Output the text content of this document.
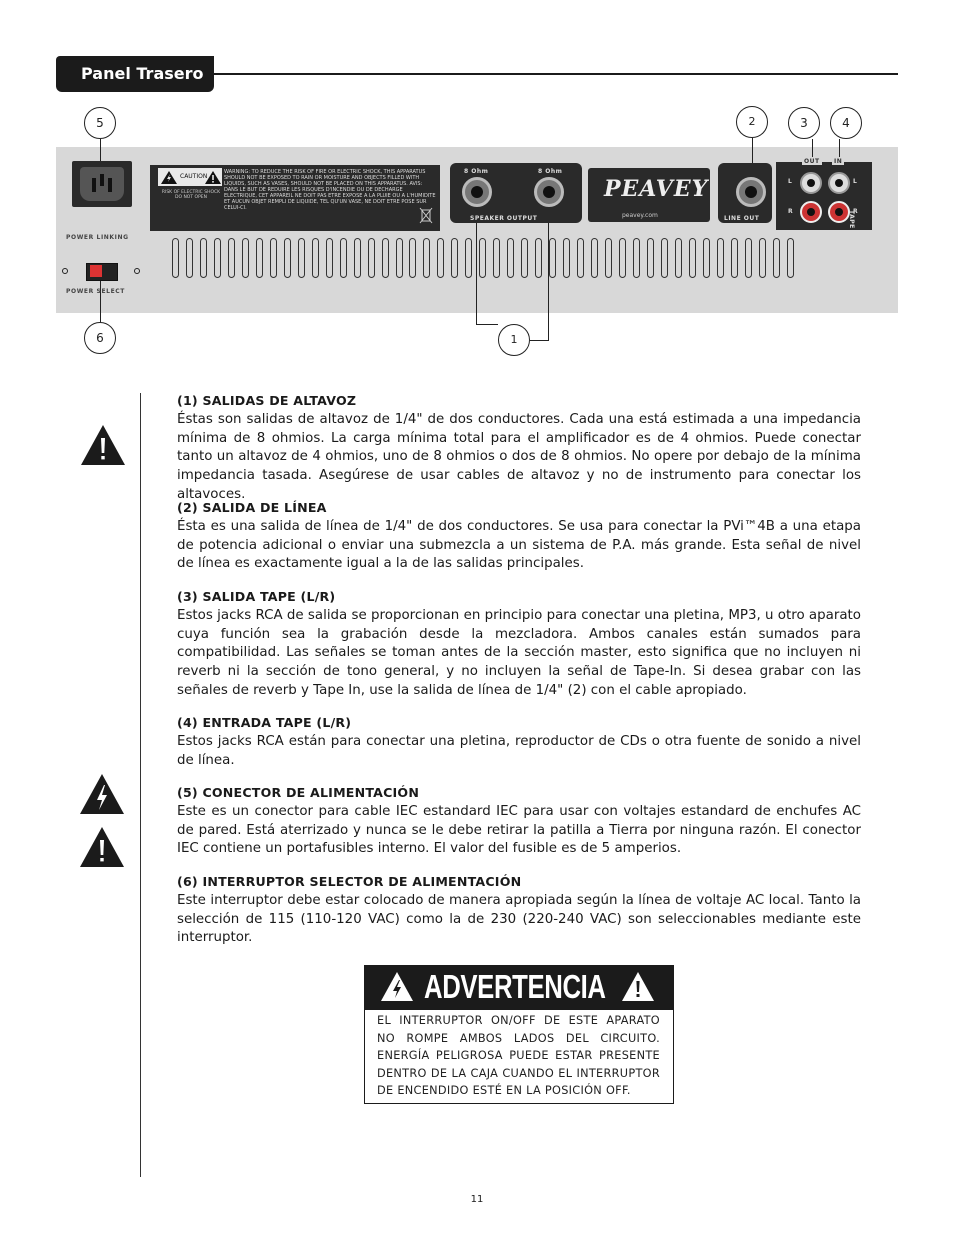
Panel Trasero
5
6
2	3	4
1
POWER LINKING
POWER SELECT
CAUTION
RISK OF ELECTRIC SHOCK DO NOT OPEN
WARNING: TO REDUCE THE RISK OF FIRE OR ELECTRIC SHOCK, THIS APPARATUS SHOULD NOT BE EXPOSED TO RAIN OR MOISTURE AND OBJECTS FILLED WITH LIQUIDS, SUCH AS VASES, SHOULD NOT BE PLACED ON THIS APPARATUS. AVIS: DANS LE BUT DE REDUIRE LES RISQUES D'INCENDIE OU DE DECHARGE ELECTRIQUE, CET APPAREIL NE DOIT PAS ETRE EXPOSE A LA PLUIE OU A L'HUMIDITE ET AUCUN OBJET REMPLI DE LIQUIDE, TEL QU'UN VASE, NE DOIT ETRE POSE SUR CELUI-CI.
8 Ohm	8 Ohm
SPEAKER OUTPUT
PEAVEY
peavey.com	LINE OUT
OUT	IN
L
R
L
R
TAPE
(1) SALIDAS DE ALTAVOZ

Éstas son salidas de altavoz de 1/4" de dos conductores. Cada una está estimada a una impedancia mínima de 8 ohmios. La carga mínima total para el amplificador es de 4 ohmios. Puede conectar tanto un altavoz de 4 ohmios, uno de 8 ohmios o dos de 8 ohmios. No opere por debajo de la mínima impedancia tasada. Asegúrese de usar cables de altavoz y no de instrumento para conectar los altavoces.

(2) SALIDA DE LÍNEA

Ésta es una salida de línea de 1/4" de dos conductores. Se usa para conectar la PVi™4B a una etapa de potencia adicional o enviar una submezcla a un sistema de P.A. más grande. Esta señal de nivel de línea es exactamente igual a la de las salidas principales.

(3) SALIDA TAPE (L/R)

Estos jacks RCA de salida se proporcionan en principio para conectar una pletina, MP3, u otro aparato cuya función sea la grabación desde la mezcladora. Ambos canales están sumados para compatibilidad. Las señales se toman antes de la sección master, esto significa que no incluyen ni reverb ni la sección de tono general, y no incluyen la señal de Tape-In. Si desea grabar con las señales de reverb y Tape In, use la salida de línea de 1/4" (2) con el cable apropiado.

(4) ENTRADA TAPE (L/R)

Estos jacks RCA están para conectar una pletina, reproductor de CDs o otra fuente de sonido a nivel de línea.

(5) CONECTOR DE ALIMENTACIÓN

Este es un conector para cable IEC estandard IEC para usar con voltajes estandard de enchufes AC de pared. Está aterrizado y nunca se le debe retirar la patilla a Tierra por ninguna razón. El conector IEC contiene un portafusibles interno. El valor del fusible es de 5 amperios.

(6) INTERRUPTOR SELECTOR DE ALIMENTACIÓN

Este interruptor debe estar colocado de manera apropiada según la línea de voltaje AC local. Tanto la selección de 115 (110-120 VAC) como la de 230 (220-240 VAC) son seleccionables mediante este interruptor.

ADVERTENCIA
EL INTERRUPTOR ON/OFF DE ESTE APARATO NO ROMPE AMBOS LADOS DEL CIRCUITO. ENERGÍA PELIGROSA PUEDE ESTAR PRESENTE DENTRO DE LA CAJA CUANDO EL INTERRUPTOR DE ENCENDIDO ESTÉ EN LA POSICIÓN OFF.
11
